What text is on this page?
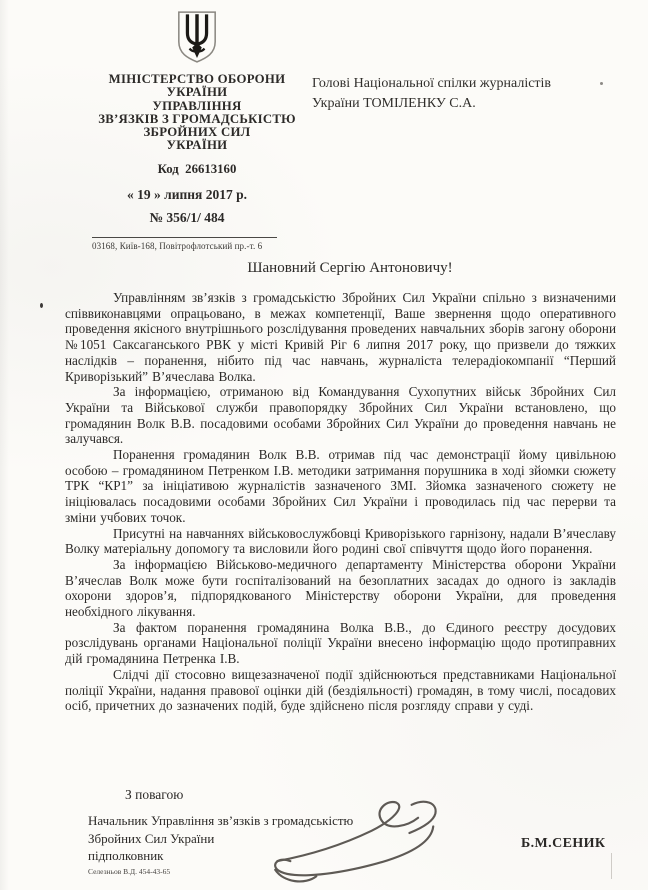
МІНІСТЕРСТВО ОБОРОНИ
УКРАЇНИ
УПРАВЛІННЯ
ЗВ’ЯЗКІВ З ГРОМАДСЬКІСТЮ
ЗБРОЙНИХ СИЛ
УКРАЇНИ
Код  26613160
Голові Національної спілки журналістів
України ТОМІЛЕНКУ С.А.
« 19 » липня 2017 р.
№ 356/1/ 484
03168, Київ-168, Повітрофлотський пр.-т. 6
Шановний Сергію Антоновичу!

Управлінням зв’язків з громадськістю Збройних Сил України спільно з визначеними співвиконавцями опрацьовано, в межах компетенції, Ваше звернення щодо оперативного проведення якісного внутрішнього розслідування проведених навчальних зборів загону оборони №1051 Саксаганського РВК у місті Кривій Ріг 6 липня 2017 року, що призвели до тяжких наслідків – поранення, нібито під час навчань, журналіста телерадіокомпанії “Перший Криворізький” В’ячеслава Волка.

За інформацією, отриманою від Командування Сухопутних військ Збройних Сил України та Військової служби правопорядку Збройних Сил України встановлено, що громадянин Волк В.В. посадовими особами Збройних Сил України до проведення навчань не залучався.

Поранення громадянин Волк В.В. отримав під час демонстрації йому цивільною особою – громадянином Петренком І.В. методики затримання порушника в ході зйомки сюжету ТРК “КР1” за ініціативою журналістів зазначеного ЗМІ. Зйомка зазначеного сюжету не ініціювалась посадовими особами Збройних Сил України і проводилась під час перерви та зміни учбових точок.

Присутні на навчаннях військовослужбовці Криворізького гарнізону, надали В’ячеславу Волку матеріальну допомогу та висловили його родині свої співчуття щодо його поранення.

За інформацією Військово-медичного департаменту Міністерства оборони України В’ячеслав Волк може бути госпіталізований на безоплатних засадах до одного із закладів охорони здоров’я, підпорядкованого Міністерству оборони України, для проведення необхідного лікування.

За фактом поранення громадянина Волка В.В., до Єдиного реєстру досудових розслідувань органами Національної поліції України внесено інформацію щодо протиправних дій громадянина Петренка І.В.

Слідчі дії стосовно вищезазначеної події здійснюються представниками Національної поліції України, надання правової оцінки дій (бездіяльності) громадян, в тому числі, посадових осіб, причетних до зазначених подій, буде здійснено після розгляду справи у суді.

З повагою
Начальник Управління зв’язків з громадськістю
Збройних Сил України
підполковник
Селезньов В.Д. 454-43-65
Б.М.СЕНИК
